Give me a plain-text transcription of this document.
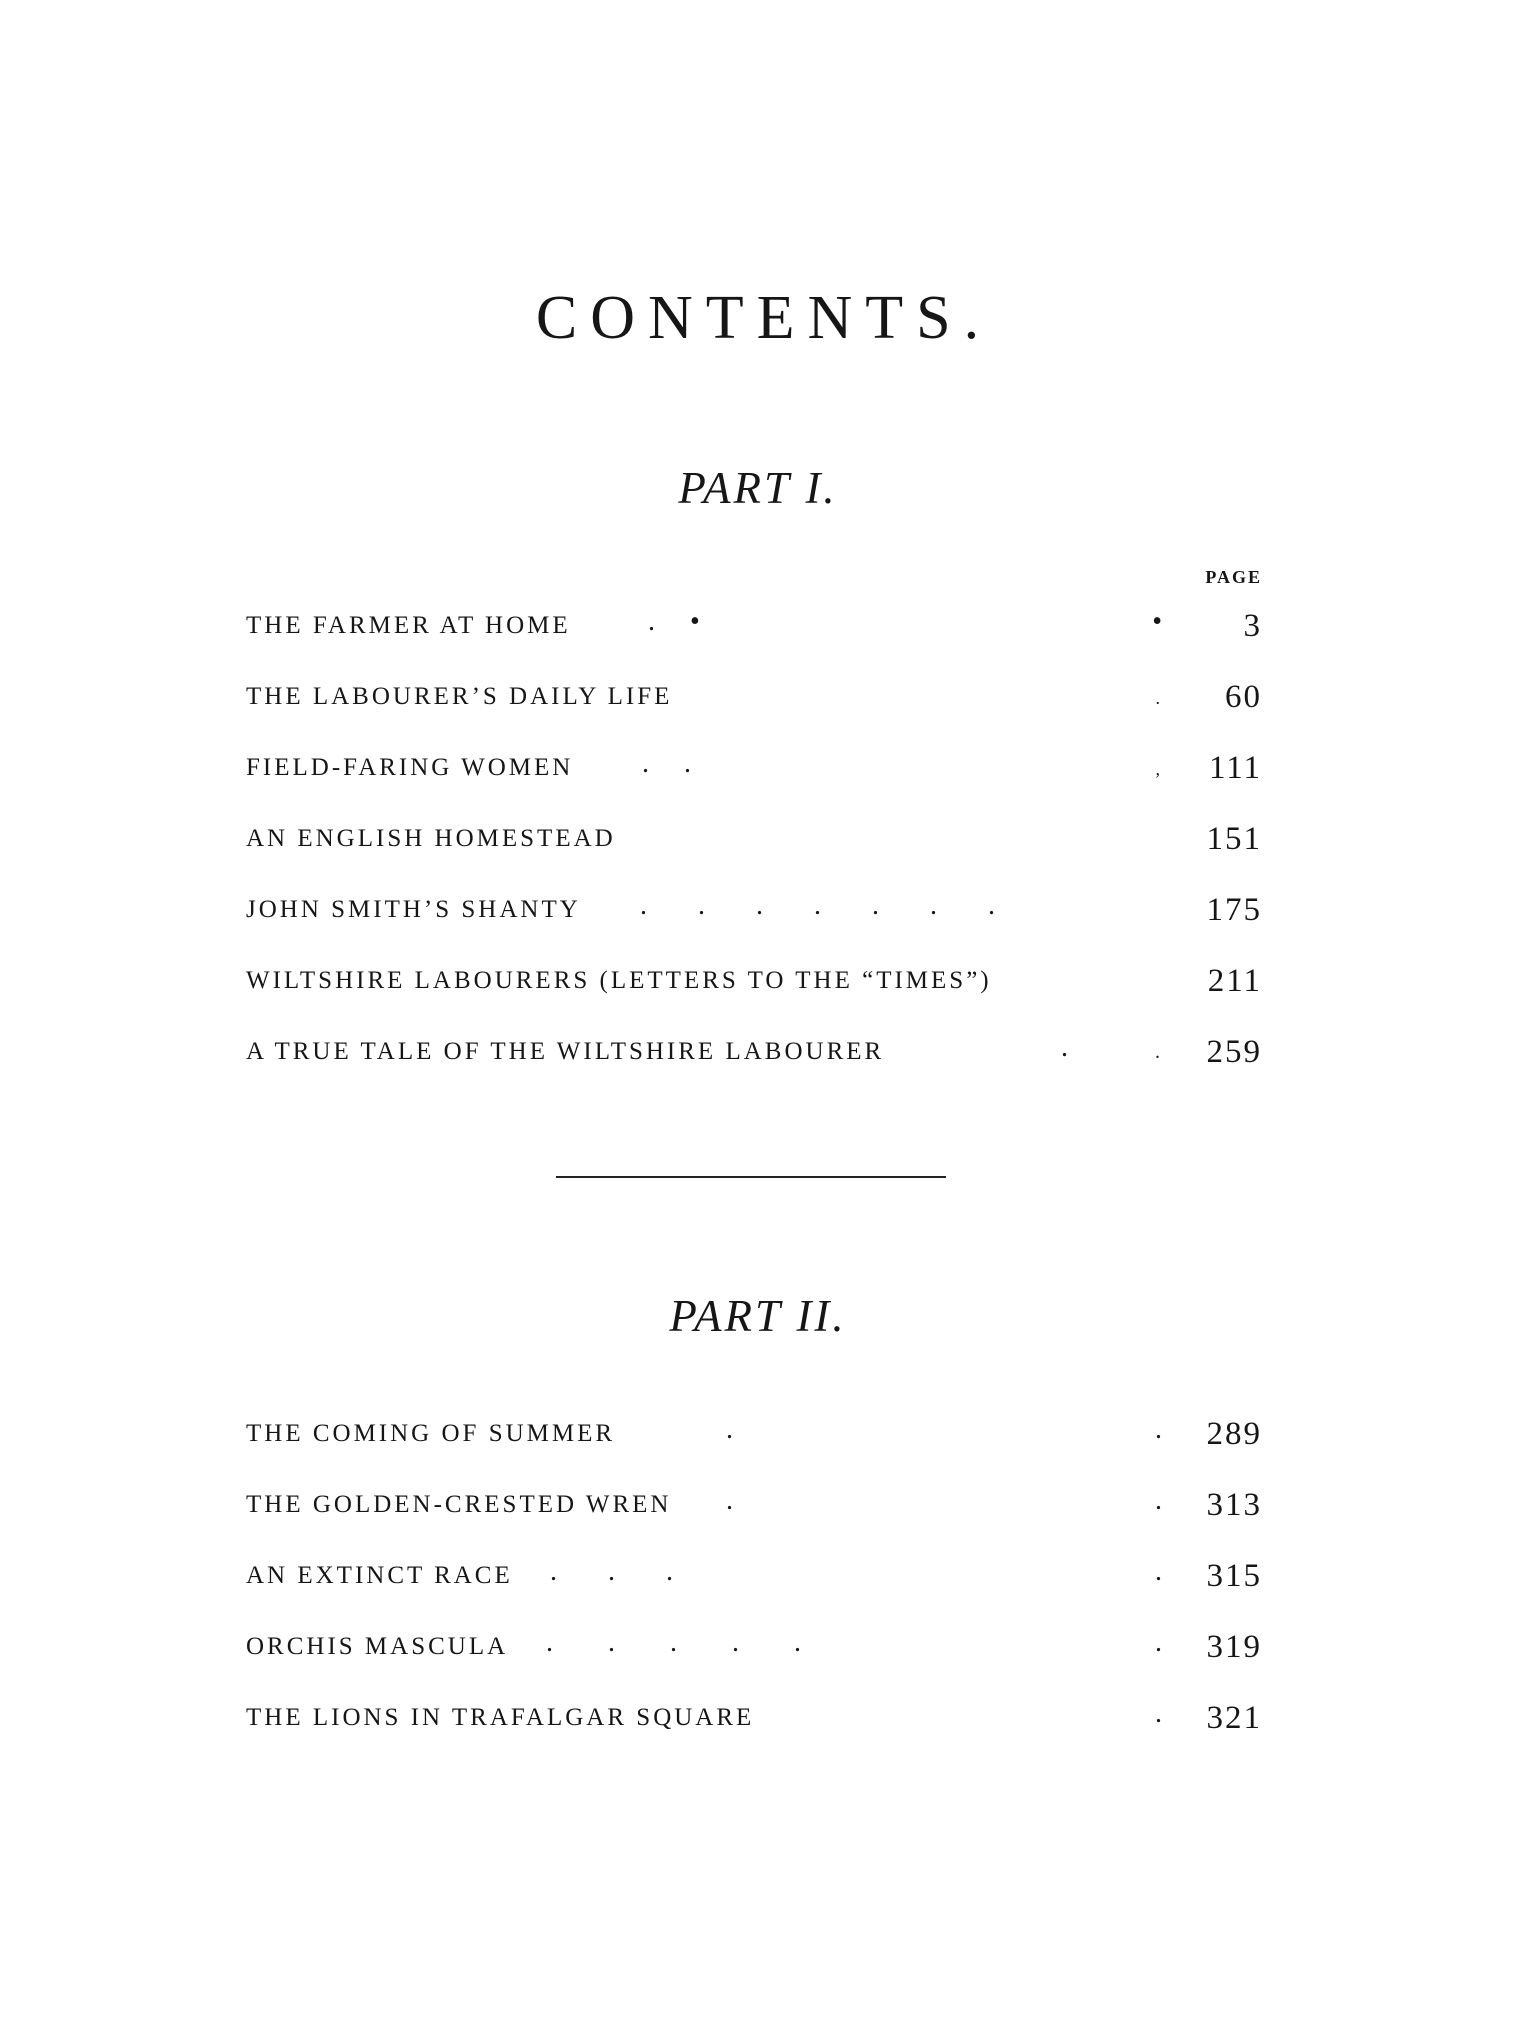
CONTENTS.
PART I.
PAGE
THE FARMER AT HOME	. •	• 3
THE LABOURER’S DAILY LIFE	. 60
FIELD-FARING WOMEN . .	, 111
AN ENGLISH HOMESTEAD	151
JOHN SMITH’S SHANTY . . . . . . .	175
WILTSHIRE LABOURERS (LETTERS TO THE “TIMES”)	211
A TRUE TALE OF THE WILTSHIRE LABOURER	.	. 259
PART II.
THE COMING OF SUMMER	.	. 289
THE GOLDEN-CRESTED WREN .	. 313
AN EXTINCT RACE . . .	. 315
ORCHIS MASCULA . . . . .	. 319
THE LIONS IN TRAFALGAR SQUARE	. 321
